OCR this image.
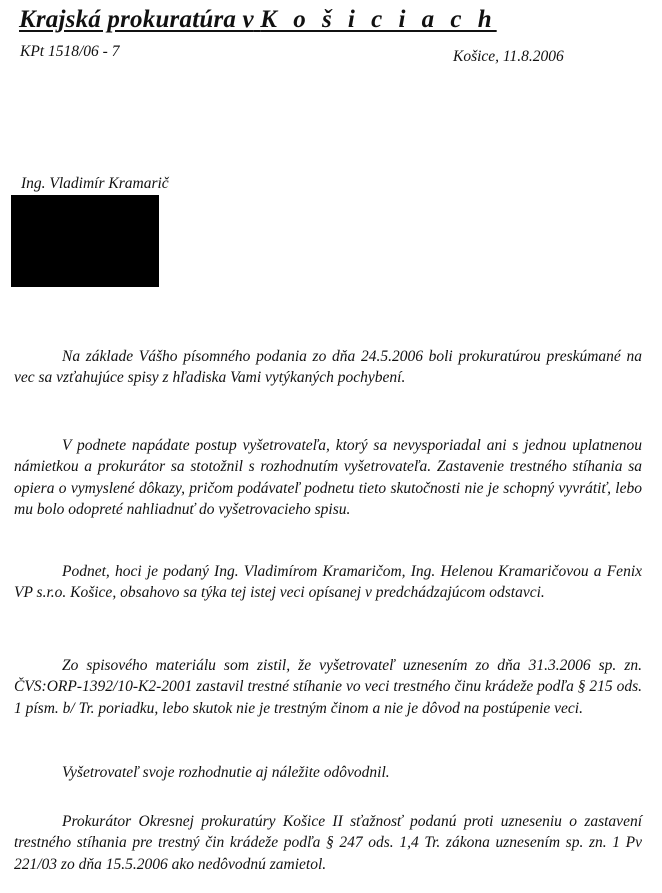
Krajská prokuratúra v K o š i c i a c h
KPt 1518/06 - 7	Košice, 11.8.2006
Ing. Vladimír Kramarič

Na základe Vášho písomného podania zo dňa 24.5.2006 boli prokuratúrou preskúmané na vec sa vzťahujúce spisy z hľadiska Vami vytýkaných pochybení.

V podnete napádate postup vyšetrovateľa, ktorý sa nevysporiadal ani s jednou uplatnenou námietkou a prokurátor sa stotožnil s rozhodnutím vyšetrovateľa. Zastavenie trestného stíhania sa opiera o vymyslené dôkazy, pričom podávateľ podnetu tieto skutočnosti nie je schopný vyvrátiť, lebo mu bolo odopreté nahliadnuť do vyšetrovacieho spisu.

Podnet, hoci je podaný Ing. Vladimírom Kramaričom, Ing. Helenou Kramaričovou a Fenix VP s.r.o. Košice, obsahovo sa týka tej istej veci opísanej v predchádzajúcom odstavci.

Zo spisového materiálu som zistil, že vyšetrovateľ uznesením zo dňa 31.3.2006 sp. zn. ČVS:ORP-1392/10-K2-2001 zastavil trestné stíhanie vo veci trestného činu krádeže podľa § 215 ods. 1 písm. b/ Tr. poriadku, lebo skutok nie je trestným činom a nie je dôvod na postúpenie veci.

Vyšetrovateľ svoje rozhodnutie aj náležite odôvodnil.

Prokurátor Okresnej prokuratúry Košice II sťažnosť podanú proti uzneseniu o zastavení trestného stíhania pre trestný čin krádeže podľa § 247 ods. 1,4 Tr. zákona uznesením sp. zn. 1 Pv 221/03 zo dňa 15.5.2006 ako nedôvodnú zamietol.
